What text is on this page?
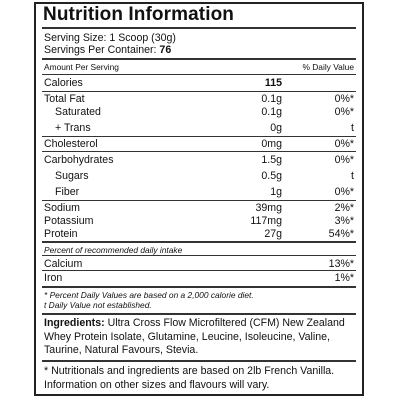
Nutrition Information
Serving Size: 1 Scoop (30g)
Servings Per Container: 76
Amount Per Serving	% Daily Value
Calories	115
Total Fat	0.1g	0%*
Saturated	0.1g	0%*
+ Trans	0g	t
Cholesterol	0mg	0%*
Carbohydrates	1.5g	0%*
Sugars	0.5g	t
Fiber	1g	0%*
Sodium	39mg	2%*
Potassium	117mg	3%*
Protein	27g	54%*
Percent of recommended daily intake
Calcium	13%*
Iron	1%*
* Percent Daily Values are based on a 2,000 calorie diet.
t Daily Value not established.
Ingredients: Ultra Cross Flow Microfiltered (CFM) New Zealand Whey Protein Isolate, Glutamine, Leucine, Isoleucine, Valine, Taurine, Natural Favours, Stevia.
* Nutritionals and ingredients are based on 2lb French Vanilla. Information on other sizes and flavours will vary.
